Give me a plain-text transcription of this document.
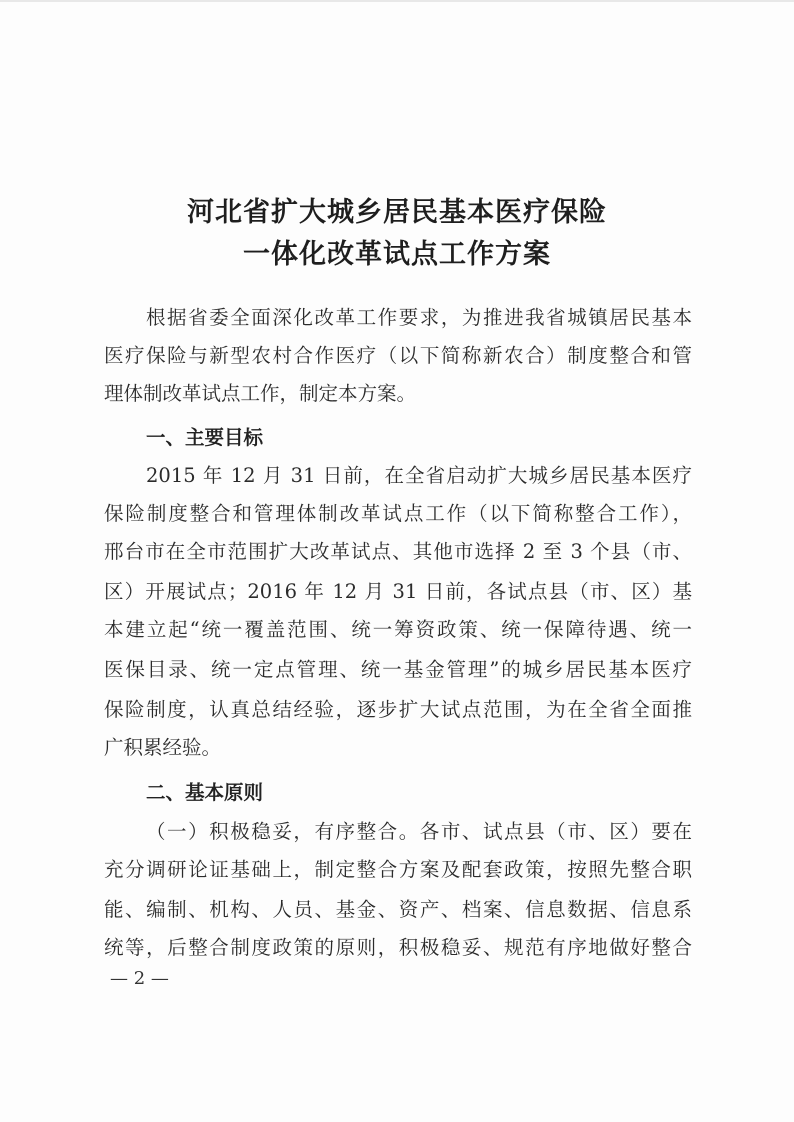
河北省扩大城乡居民基本医疗保险
一体化改革试点工作方案
根据省委全面深化改革工作要求，为推进我省城镇居民基本
医疗保险与新型农村合作医疗（以下简称新农合）制度整合和管
理体制改革试点工作，制定本方案。
一、主要目标
2015 年 12 月 31 日前，在全省启动扩大城乡居民基本医疗
保险制度整合和管理体制改革试点工作（以下简称整合工作），
邢台市在全市范围扩大改革试点、其他市选择 2 至 3 个县（市、
区）开展试点；2016 年 12 月 31 日前，各试点县（市、区）基
本建立起“统一覆盖范围、统一筹资政策、统一保障待遇、统一
医保目录、统一定点管理、统一基金管理”的城乡居民基本医疗
保险制度，认真总结经验，逐步扩大试点范围，为在全省全面推
广积累经验。
二、基本原则
（一）积极稳妥，有序整合。各市、试点县（市、区）要在
充分调研论证基础上，制定整合方案及配套政策，按照先整合职
能、编制、机构、人员、基金、资产、档案、信息数据、信息系
统等，后整合制度政策的原则，积极稳妥、规范有序地做好整合
— 2 —
